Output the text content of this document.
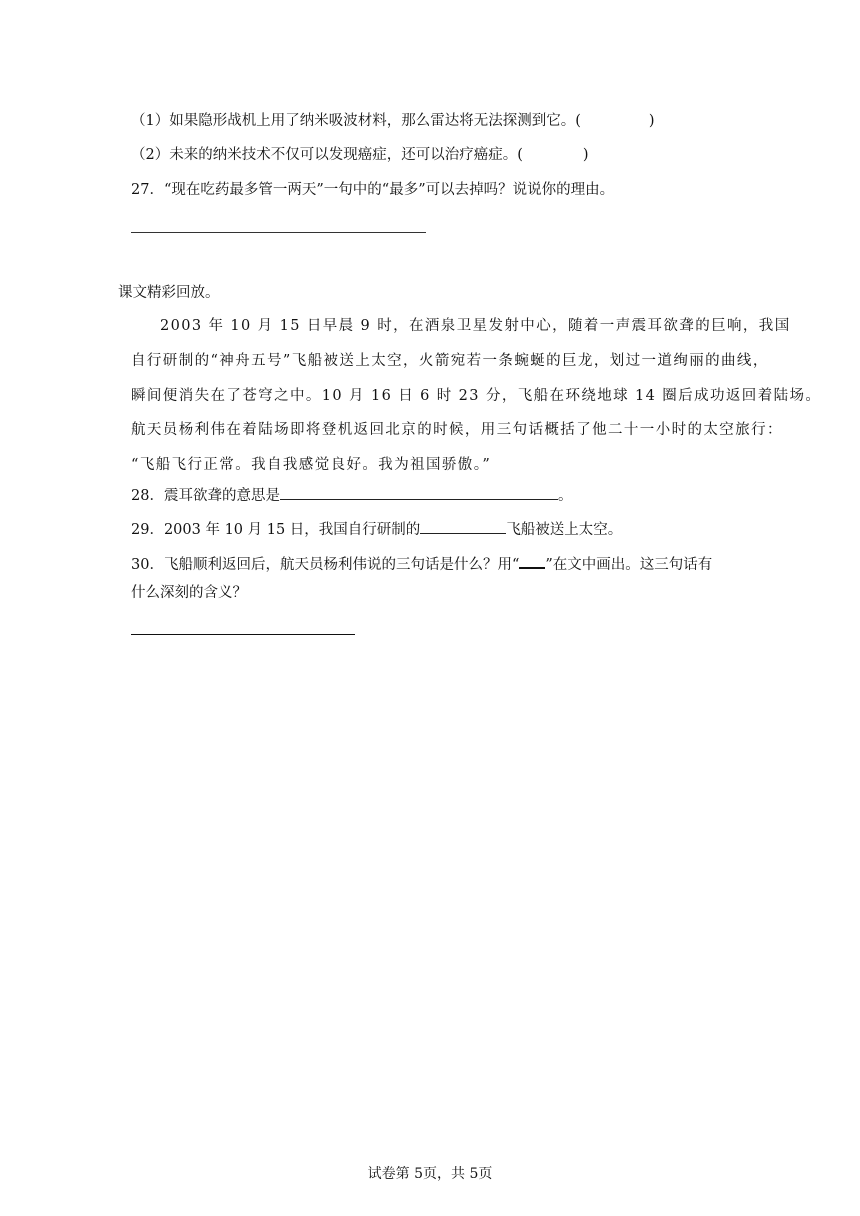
（1）如果隐形战机上用了纳米吸波材料，那么雷达将无法探测到它。(	)
（2）未来的纳米技术不仅可以发现癌症，还可以治疗癌症。(	)
27．“现在吃药最多管一两天”一句中的“最多”可以去掉吗？说说你的理由。
课文精彩回放。
2003 年 10 月 15 日早晨 9 时，在酒泉卫星发射中心，随着一声震耳欲聋的巨响，我国
自行研制的“神舟五号”飞船被送上太空，火箭宛若一条蜿蜒的巨龙，划过一道绚丽的曲线，
瞬间便消失在了苍穹之中。10 月 16 日 6 时 23 分，飞船在环绕地球 14 圈后成功返回着陆场。
航天员杨利伟在着陆场即将登机返回北京的时候，用三句话概括了他二十一小时的太空旅行：
“飞船飞行正常。我自我感觉良好。我为祖国骄傲。”
28．震耳欲聋的意思是	。
29．2003 年 10 月 15 日，我国自行研制的	飞船被送上太空。
30．飞船顺利返回后，航天员杨利伟说的三句话是什么？用“ ”在文中画出。这三句话有
什么深刻的含义？
试卷第 5页，共 5页
